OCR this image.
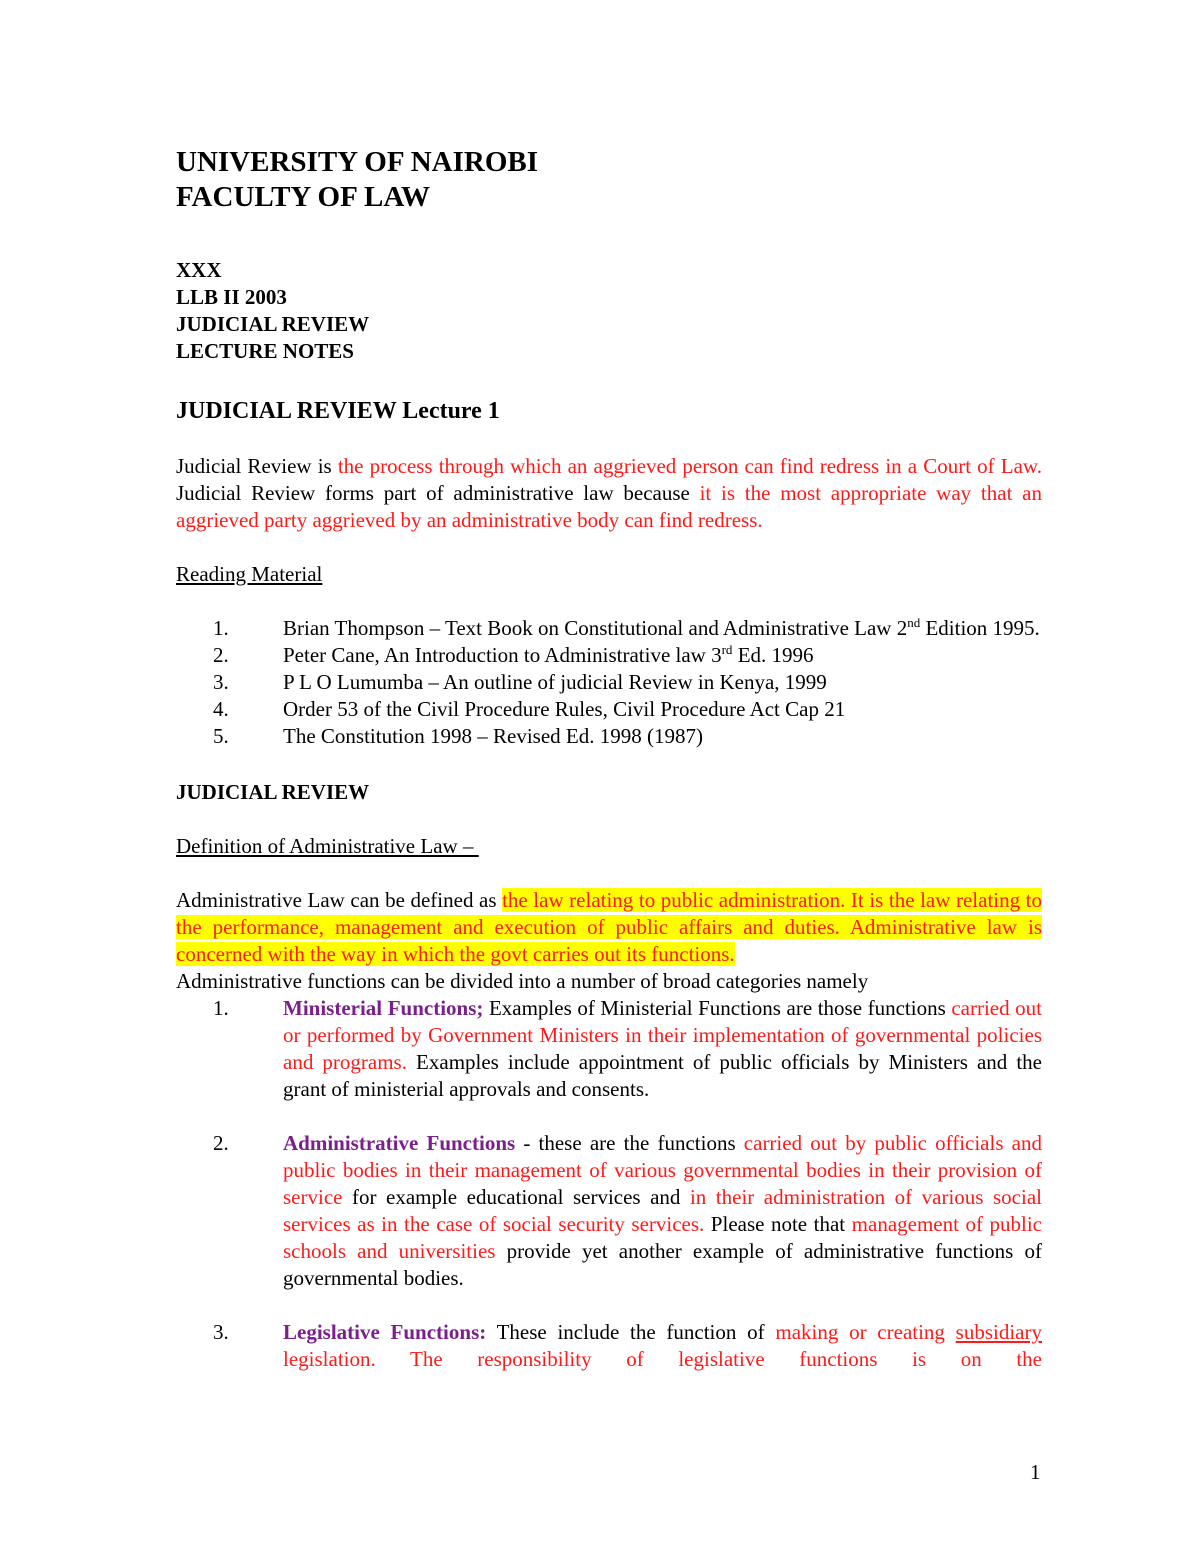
UNIVERSITY OF NAIROBI
FACULTY OF LAW
XXX
LLB II 2003
JUDICIAL REVIEW
LECTURE NOTES
JUDICIAL REVIEW Lecture 1

Judicial Review is the process through which an aggrieved person can find redress in a Court of Law. Judicial Review forms part of administrative law because it is the most appropriate way that an aggrieved party aggrieved by an administrative body can find redress.

Reading Material
1.	Brian Thompson – Text Book on Constitutional and Administrative Law 2nd Edition 1995.
2.	Peter Cane, An Introduction to Administrative law 3rd Ed. 1996
3.	P L O Lumumba – An outline of judicial Review in Kenya, 1999
4.	Order 53 of the Civil Procedure Rules, Civil Procedure Act Cap 21
5.	The Constitution 1998 – Revised Ed. 1998 (1987)
JUDICIAL REVIEW
Definition of Administrative Law –

Administrative Law can be defined as the law relating to public administration. It is the law relating to the performance, management and execution of public affairs and duties. Administrative law is concerned with the way in which the govt carries out its functions.

Administrative functions can be divided into a number of broad categories namely
1.	Ministerial Functions; Examples of Ministerial Functions are those functions carried out or performed by Government Ministers in their implementation of governmental policies and programs. Examples include appointment of public officials by Ministers and the grant of ministerial approvals and consents.
2.	Administrative Functions - these are the functions carried out by public officials and public bodies in their management of various governmental bodies in their provision of service for example educational services and in their administration of various social services as in the case of social security services. Please note that management of public schools and universities provide yet another example of administrative functions of governmental bodies.
3.	Legislative Functions: These include the function of making or creating subsidiary legislation. The responsibility of legislative functions is on the
1
